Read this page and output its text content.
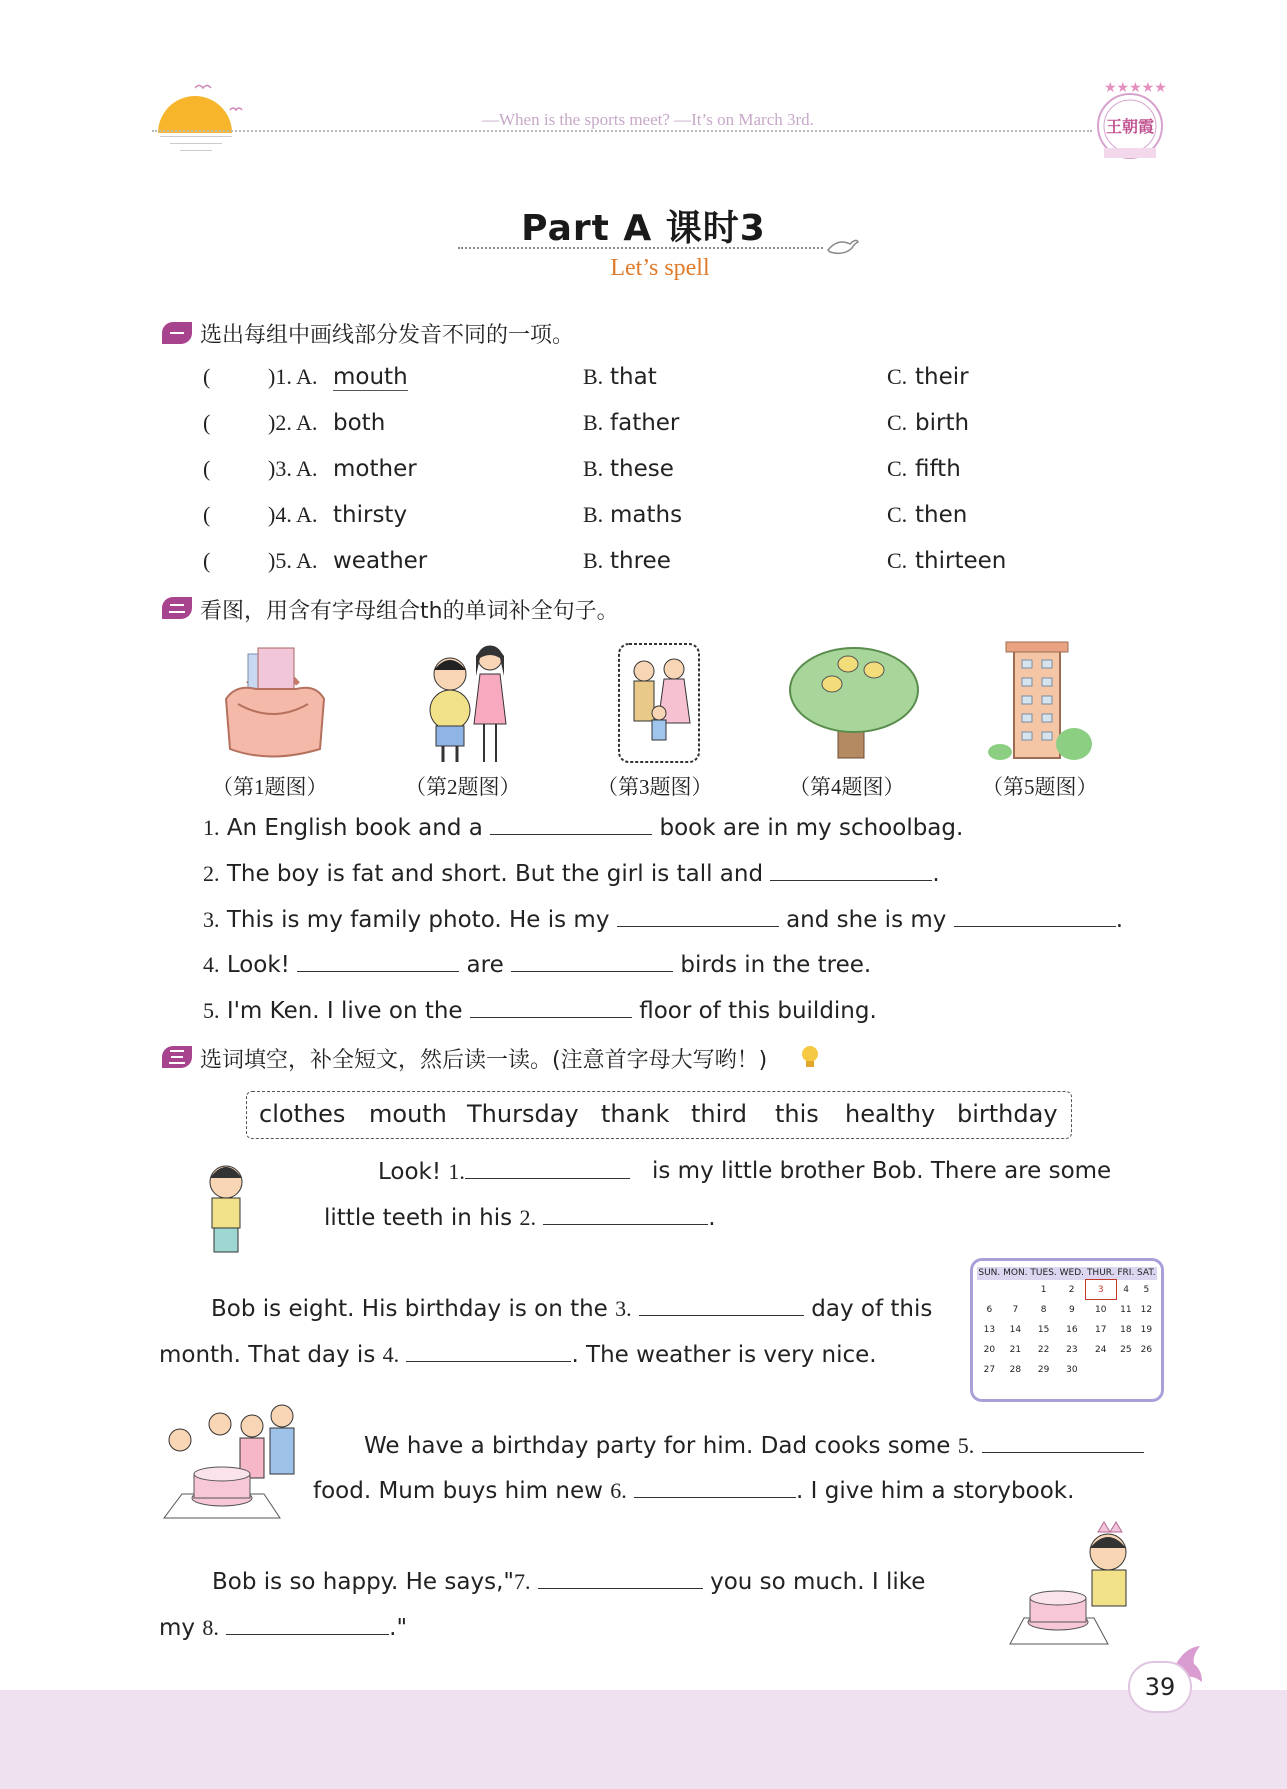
—When is the sports meet? —It’s on March 3rd.
★★★★★
王朝霞
Part A 课时3
Let’s spell
选出每组中画线部分发音不同的一项。
(	)1. A. mouth	B. that	C. their
(	)2. A. both	B. father	C. birth
(	)3. A. mother	B. these	C. fifth
(	)4. A. thirsty	B. maths	C. then
(	)5. A. weather	B. three	C. thirteen
看图，用含有字母组合th的单词补全句子。
（第1题图）	（第2题图）	（第3题图）	（第4题图）	（第5题图）
1. An English book and a	book are in my schoolbag.
2. The boy is fat and short. But the girl is tall and	.
3. This is my family photo. He is my	and she is my	.
4. Look!	are	birds in the tree.
5. I'm Ken. I live on the	floor of this building.
选词填空，补全短文，然后读一读。(注意首字母大写哟！)
clothes mouth Thursday thank third this healthy birthday
Look! 1.	is my little brother Bob. There are some
little teeth in his 2.	.
Bob is eight. His birthday is on the 3.	day of this
month. That day is 4.	. The weather is very nice.
SUN.	MON.	TUES.	WED.	THUR.	FRI.	SAT.
		1	2	3	4	5
6	7	8	9	10	11	12
13	14	15	16	17	18	19
20	21	22	23	24	25	26
27	28	29	30			
We have a birthday party for him. Dad cooks some 5.
food. Mum buys him new 6.	. I give him a storybook.
Bob is so happy. He says,"7.	you so much. I like
my 8.	."
39
